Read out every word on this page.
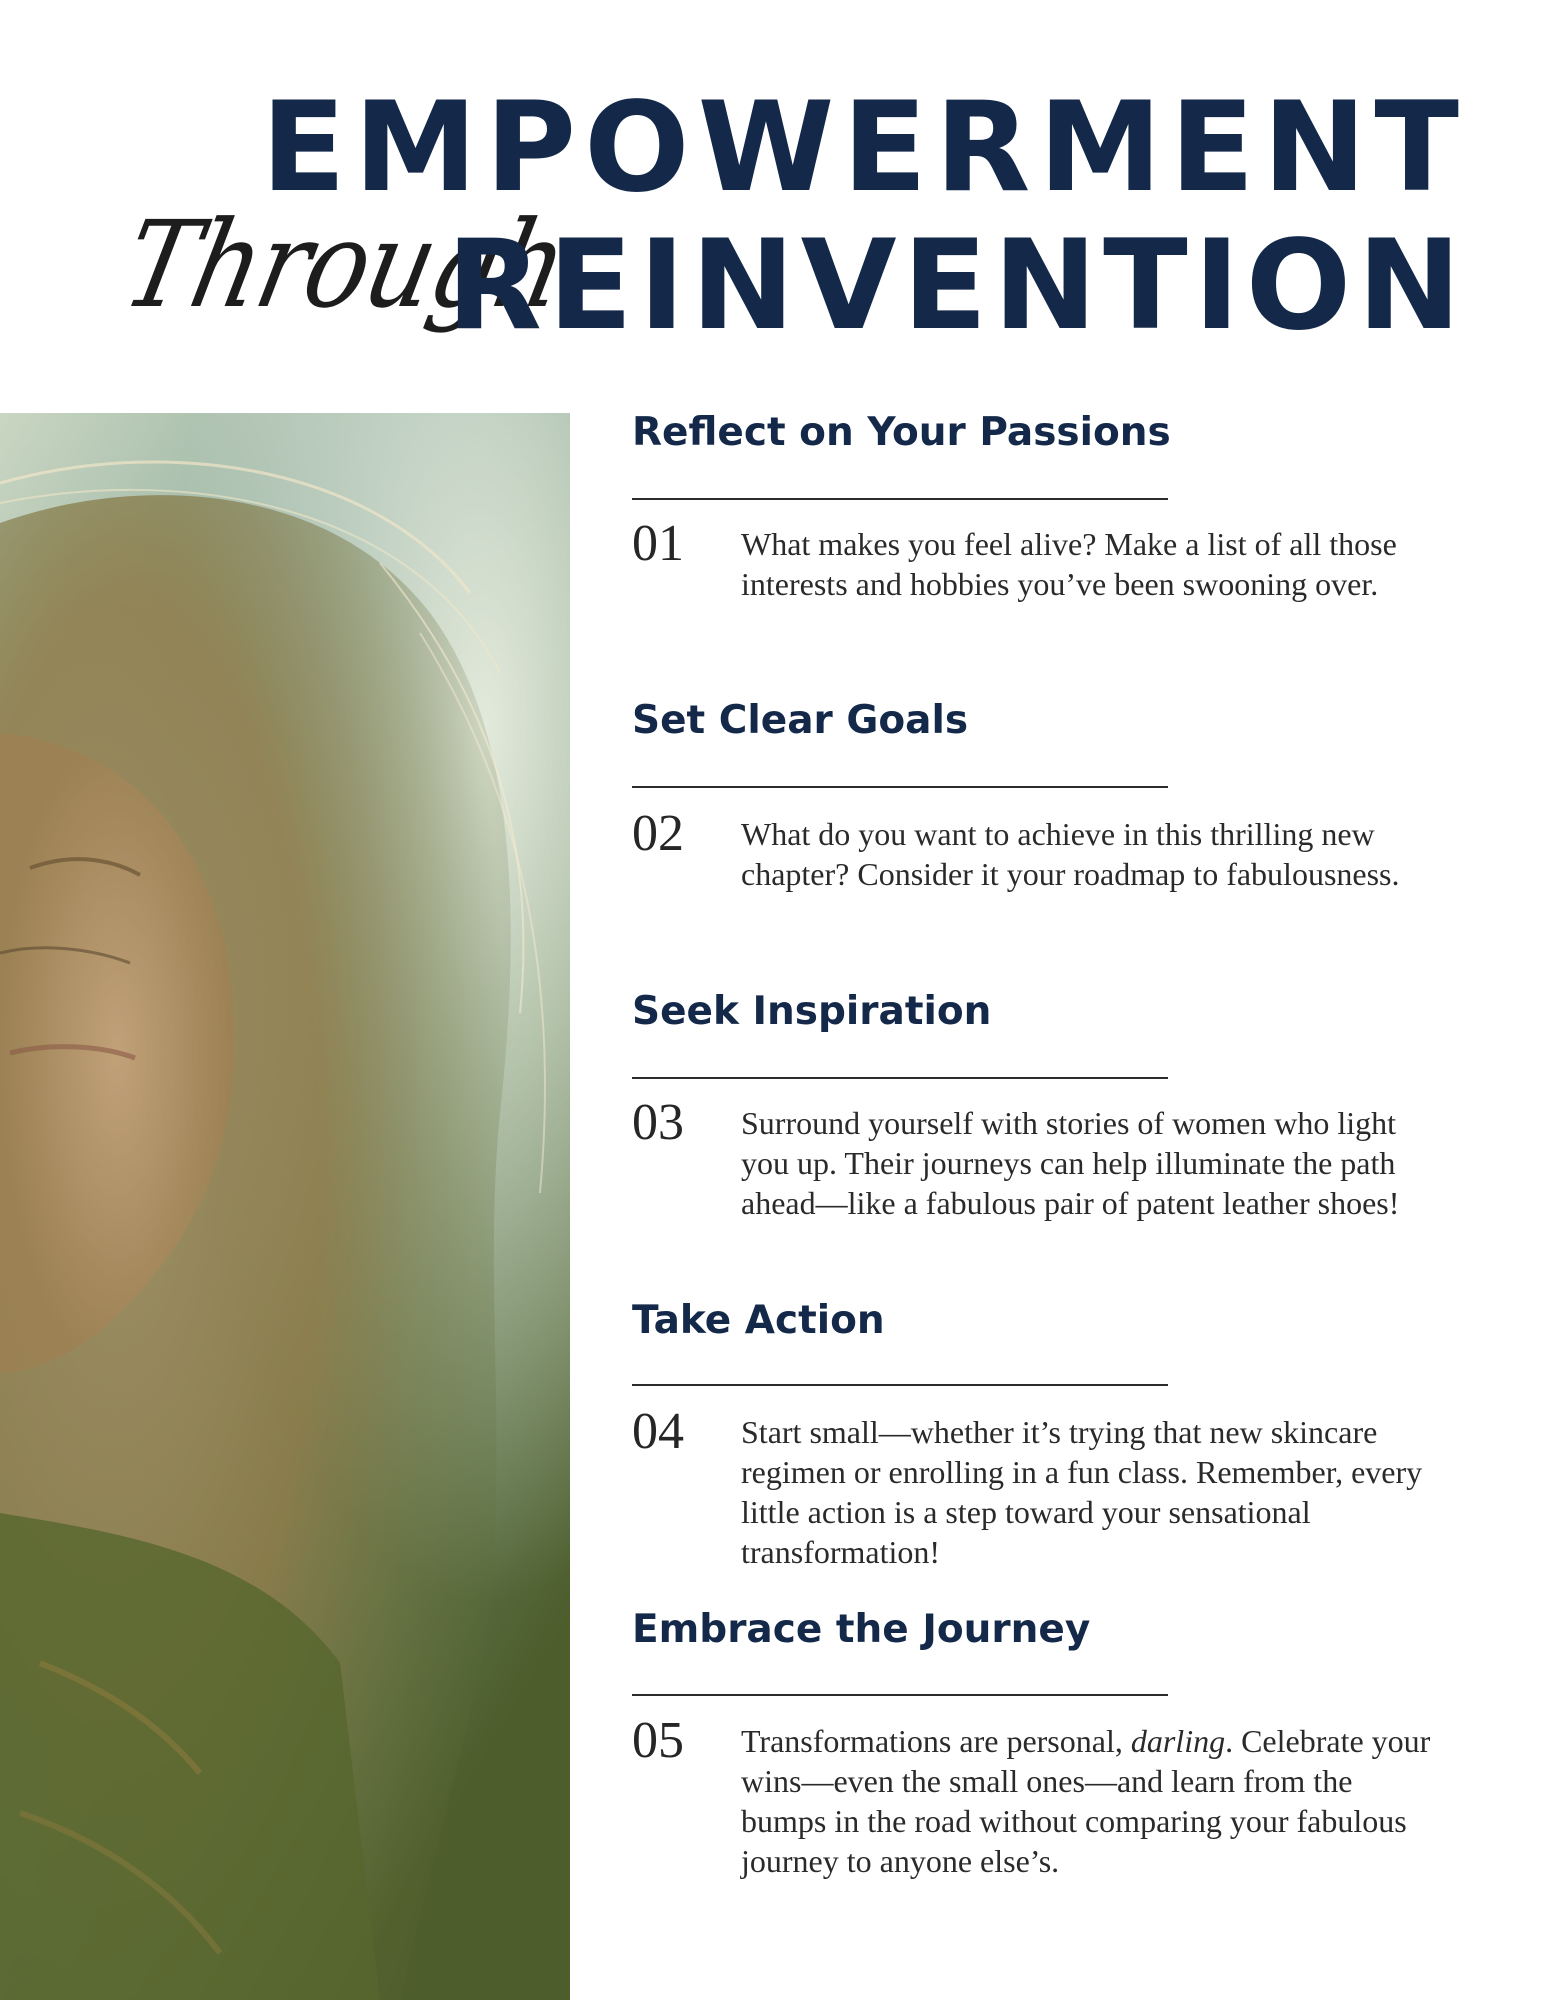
EMPOWERMENT
Through
REINVENTION
Reflect on Your Passions
01 What makes you feel alive? Make a list of all those interests and hobbies you’ve been swooning over.

Set Clear Goals
02 What do you want to achieve in this thrilling new chapter? Consider it your roadmap to fabulousness.

Seek Inspiration
03 Surround yourself with stories of women who light you up. Their journeys can help illuminate the path ahead—like a fabulous pair of patent leather shoes!

Take Action
04 Start small—whether it’s trying that new skincare regimen or enrolling in a fun class. Remember, every little action is a step toward your sensational transformation!

Embrace the Journey
05 Transformations are personal, darling. Celebrate your wins—even the small ones—and learn from the bumps in the road without comparing your fabulous journey to anyone else’s.
